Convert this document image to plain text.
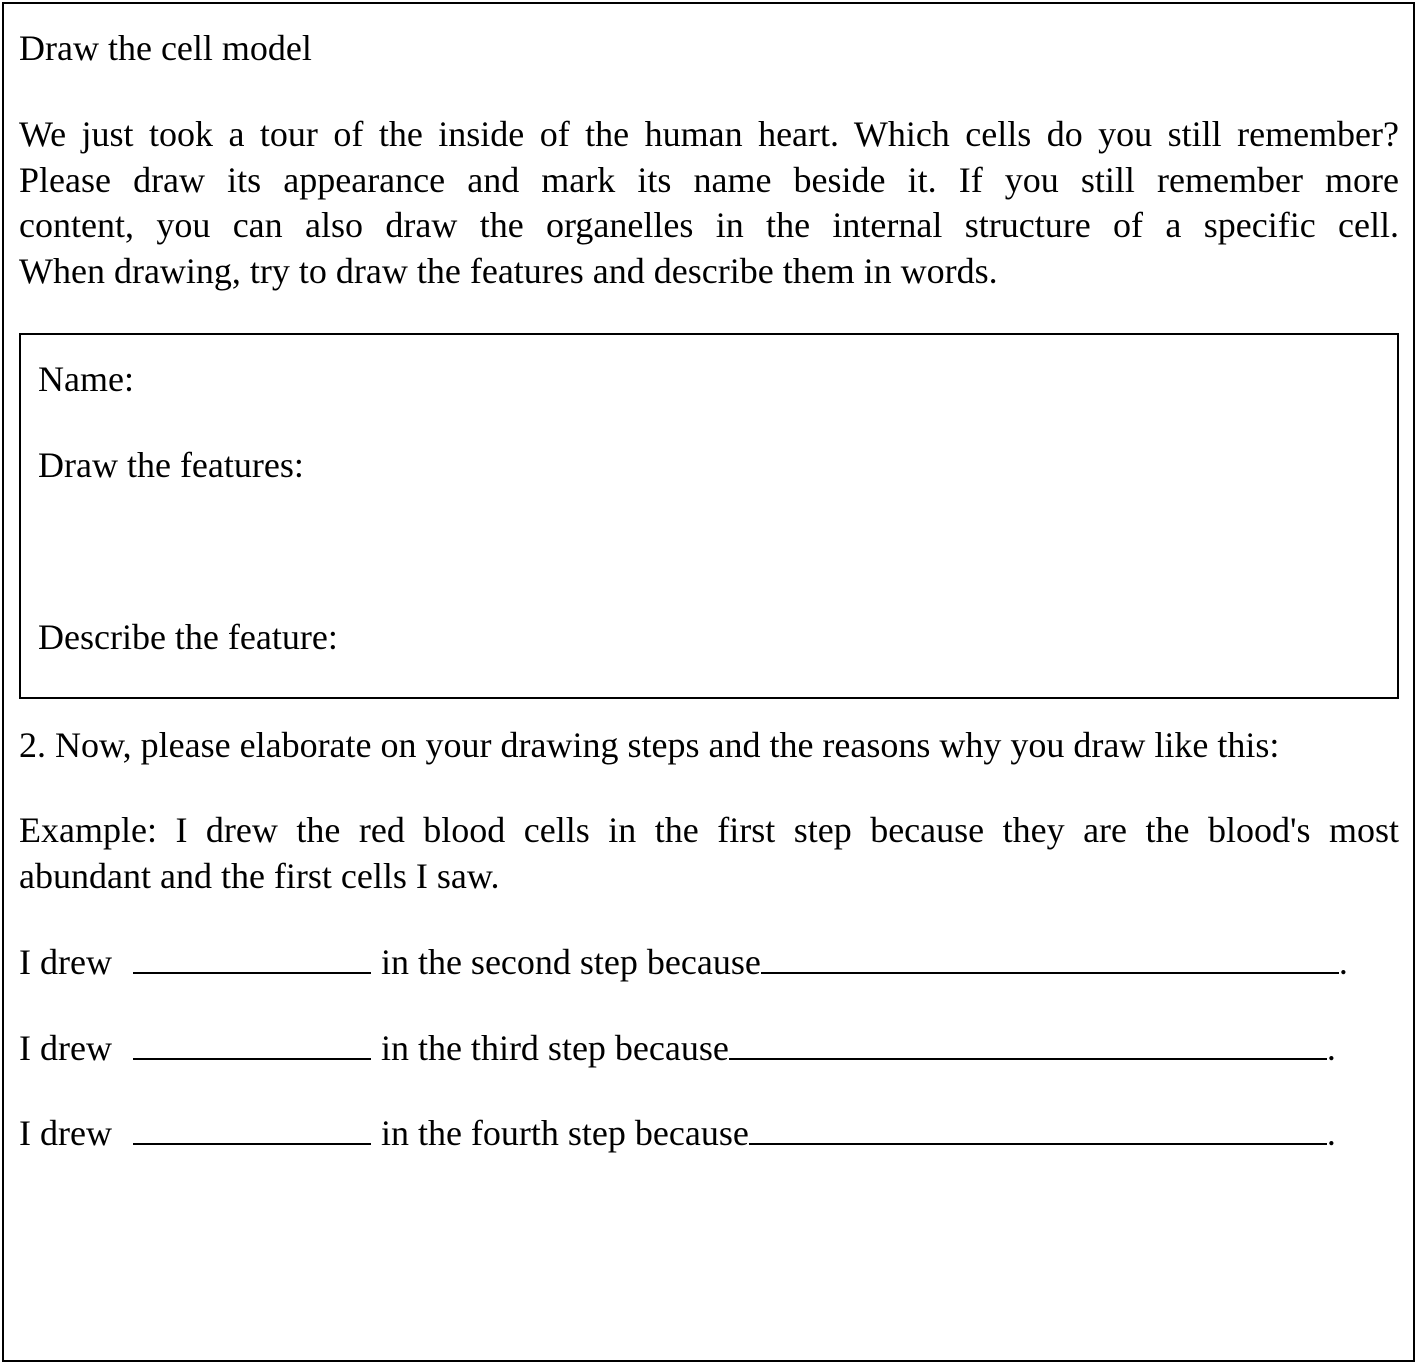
Draw the cell model
We just took a tour of the inside of the human heart. Which cells do you still remember?
Please draw its appearance and mark its name beside it. If you still remember more
content, you can also draw the organelles in the internal structure of a specific cell.
When drawing, try to draw the features and describe them in words.
Name:
Draw the features:
Describe the feature:
2. Now, please elaborate on your drawing steps and the reasons why you draw like this:
Example: I drew the red blood cells in the first step because they are the blood's most
abundant and the first cells I saw.
I drew	in the second step because	.
I drew	in the third step because	.
I drew	in the fourth step because	.
